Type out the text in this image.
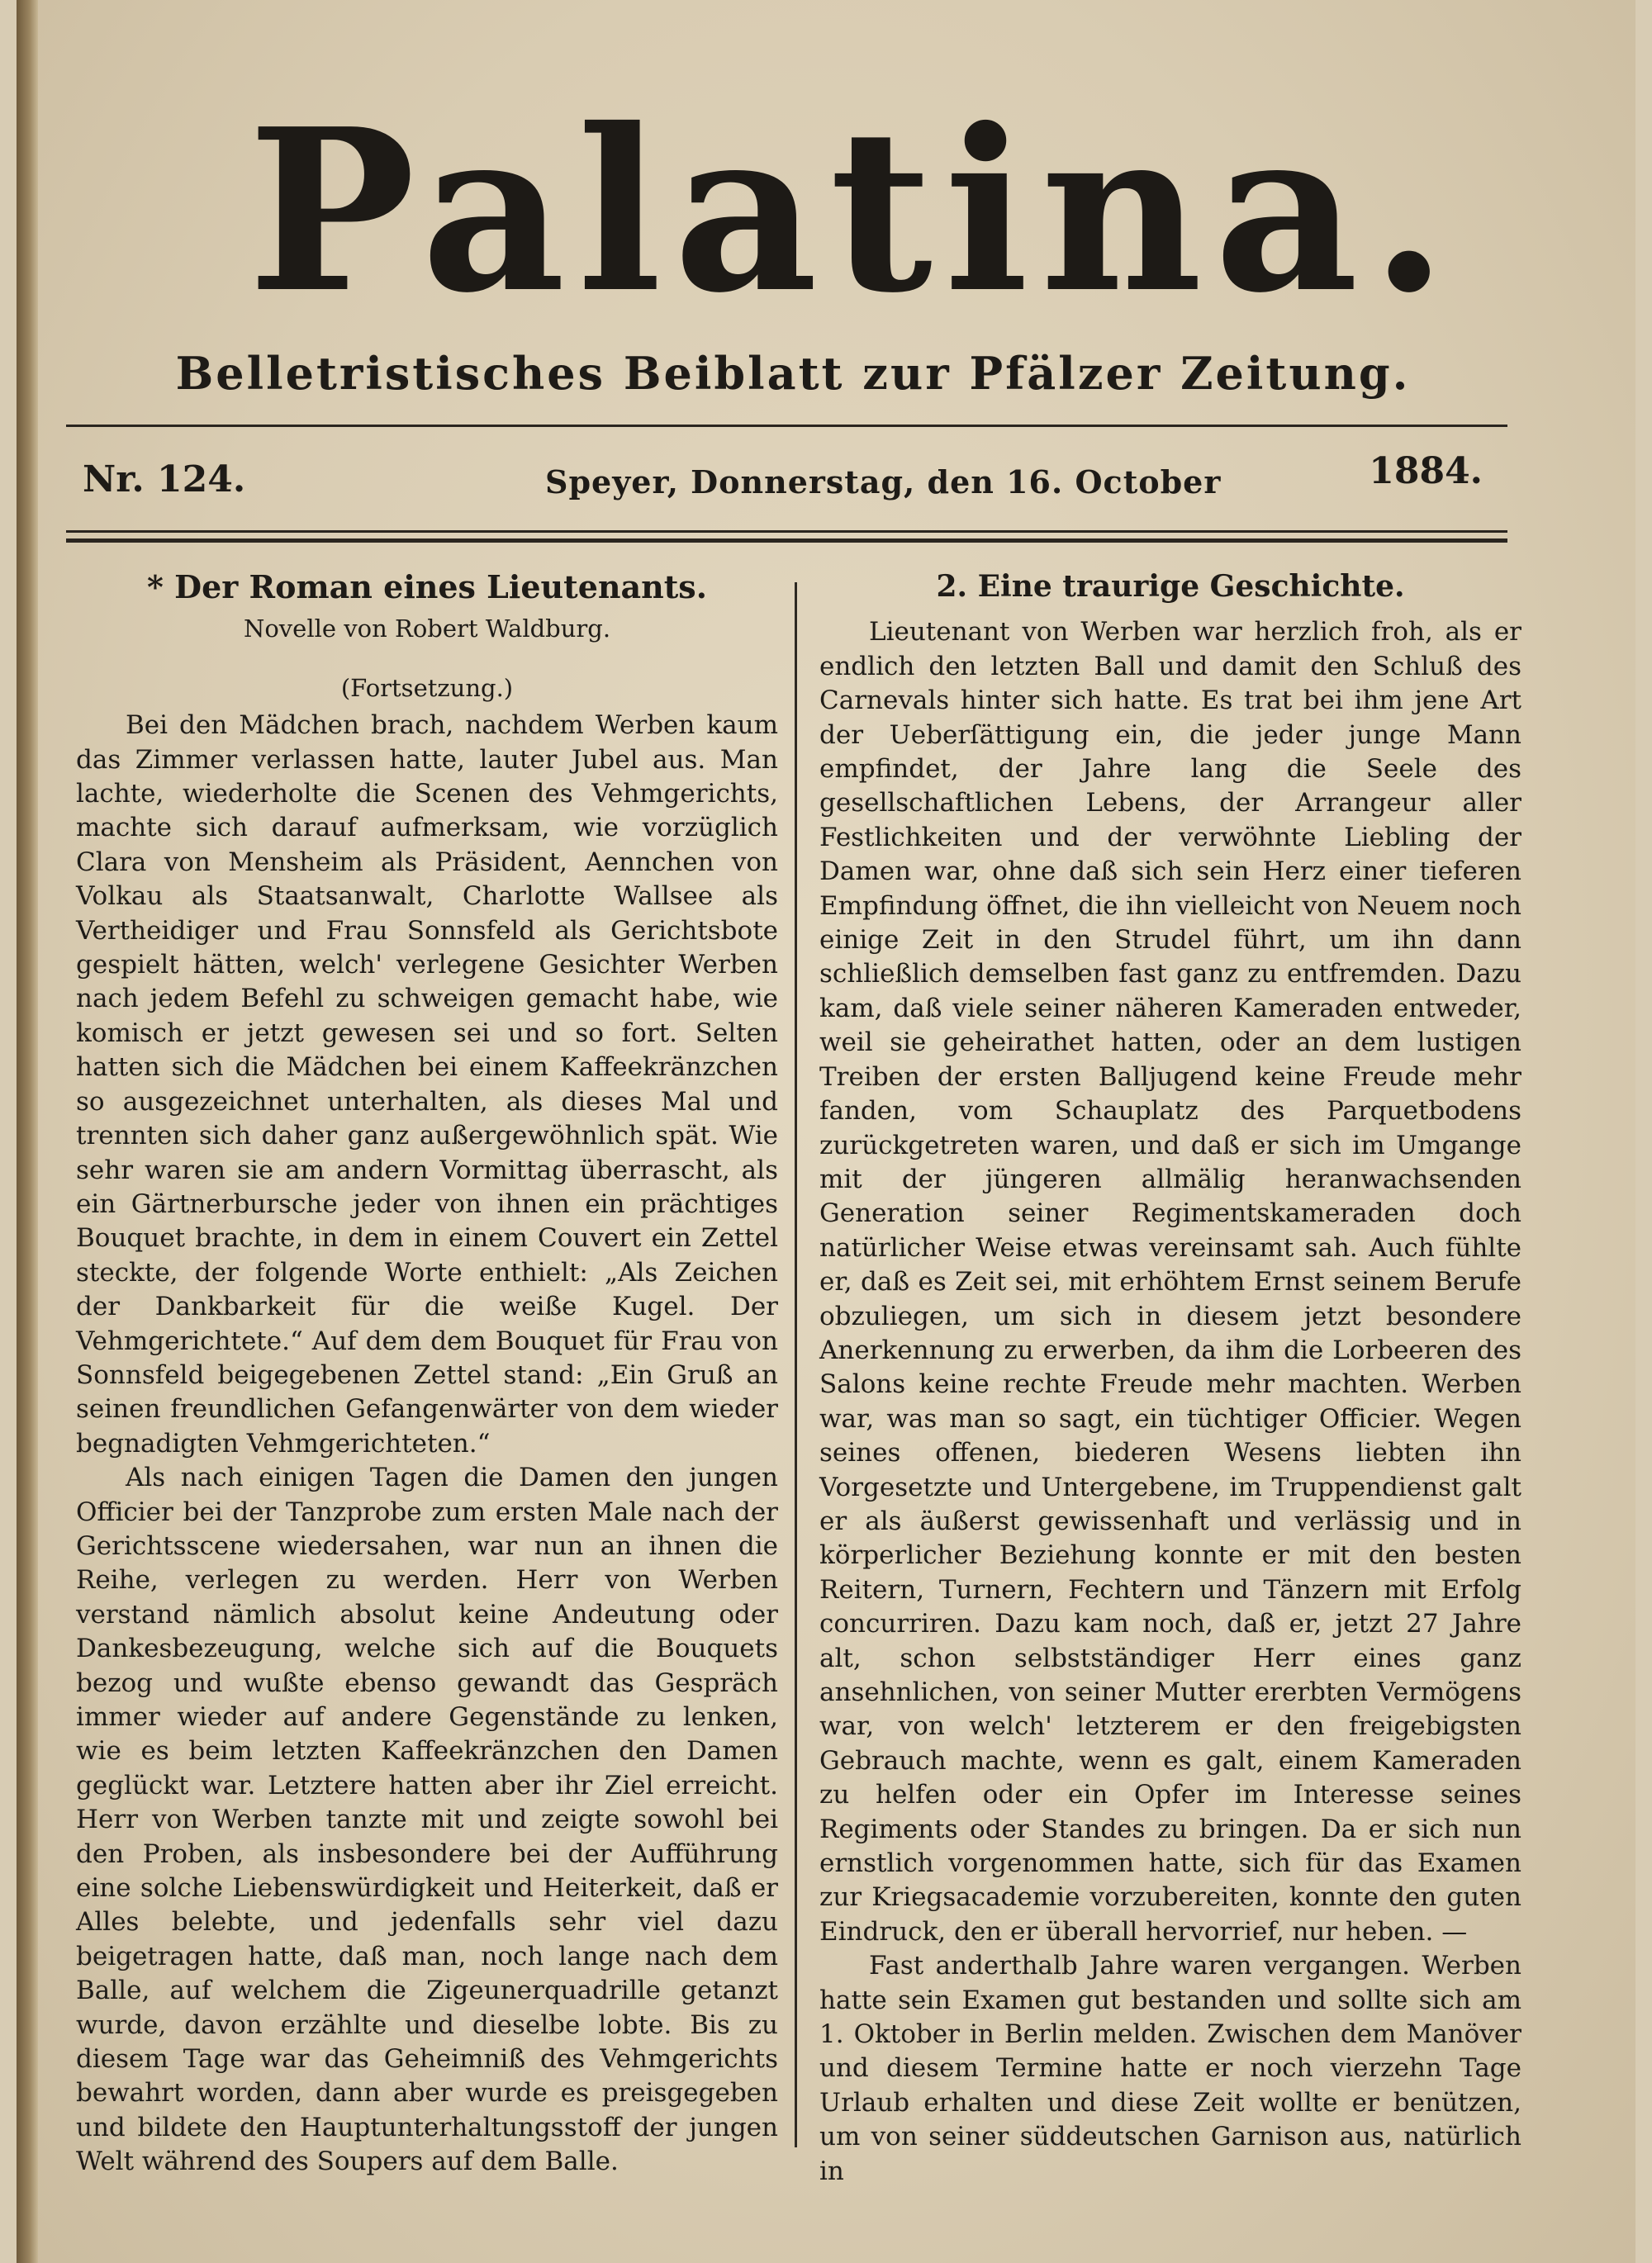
Palatina.
Belletristisches Beiblatt zur Pfälzer Zeitung.
Nr. 124.	Speyer, Donnerstag, den 16. October	1884.

* Der Roman eines Lieutenants.

Novelle von Robert Waldburg.

(Fortsetzung.)

Bei den Mädchen brach, nachdem Werben kaum das Zimmer verlassen hatte, lauter Jubel aus. Man lachte, wiederholte die Scenen des Vehmgerichts, machte sich darauf aufmerksam, wie vorzüglich Clara von Mensheim als Präsident, Aennchen von Volkau als Staatsanwalt, Charlotte Wallsee als Vertheidiger und Frau Sonnsfeld als Gerichtsbote gespielt hätten, welch' verlegene Gesichter Werben nach jedem Befehl zu schweigen gemacht habe, wie komisch er jetzt gewesen sei und so fort. Selten hatten sich die Mädchen bei einem Kaffeekränzchen so ausgezeichnet unterhalten, als dieses Mal und trennten sich daher ganz außergewöhnlich spät. Wie sehr waren sie am andern Vormittag überrascht, als ein Gärtnerbursche jeder von ihnen ein prächtiges Bouquet brachte, in dem in einem Couvert ein Zettel steckte, der folgende Worte enthielt: „Als Zeichen der Dankbarkeit für die weiße Kugel. Der Vehmgerichtete.“ Auf dem dem Bouquet für Frau von Sonnsfeld beigegebenen Zettel stand: „Ein Gruß an seinen freundlichen Gefangenwärter von dem wieder begnadigten Vehmgerichteten.“

Als nach einigen Tagen die Damen den jungen Officier bei der Tanzprobe zum ersten Male nach der Gerichtsscene wiedersahen, war nun an ihnen die Reihe, verlegen zu werden. Herr von Werben verstand nämlich absolut keine Andeutung oder Dankesbezeugung, welche sich auf die Bouquets bezog und wußte ebenso gewandt das Gespräch immer wieder auf andere Gegenstände zu lenken, wie es beim letzten Kaffeekränzchen den Damen geglückt war. Letztere hatten aber ihr Ziel erreicht. Herr von Werben tanzte mit und zeigte sowohl bei den Proben, als insbesondere bei der Aufführung eine solche Liebenswürdigkeit und Heiterkeit, daß er Alles belebte, und jedenfalls sehr viel dazu beigetragen hatte, daß man, noch lange nach dem Balle, auf welchem die Zigeunerquadrille getanzt wurde, davon erzählte und dieselbe lobte. Bis zu diesem Tage war das Geheimniß des Vehmgerichts bewahrt worden, dann aber wurde es preisgegeben und bildete den Hauptunterhaltungsstoff der jungen Welt während des Soupers auf dem Balle.

2. Eine traurige Geschichte.

Lieutenant von Werben war herzlich froh, als er endlich den letzten Ball und damit den Schluß des Carnevals hinter sich hatte. Es trat bei ihm jene Art der Ueberſättigung ein, die jeder junge Mann empfindet, der Jahre lang die Seele des gesellschaftlichen Lebens, der Arrangeur aller Festlichkeiten und der verwöhnte Liebling der Damen war, ohne daß sich sein Herz einer tieferen Empfindung öffnet, die ihn vielleicht von Neuem noch einige Zeit in den Strudel führt, um ihn dann schließlich demselben fast ganz zu entfremden. Dazu kam, daß viele seiner näheren Kameraden entweder, weil sie geheirathet hatten, oder an dem lustigen Treiben der ersten Balljugend keine Freude mehr fanden, vom Schauplatz des Parquetbodens zurückgetreten waren, und daß er sich im Umgange mit der jüngeren allmälig heranwachsenden Generation seiner Regimentskameraden doch natürlicher Weise etwas vereinsamt sah. Auch fühlte er, daß es Zeit sei, mit erhöhtem Ernst seinem Berufe obzuliegen, um sich in diesem jetzt besondere Anerkennung zu erwerben, da ihm die Lorbeeren des Salons keine rechte Freude mehr machten. Werben war, was man so sagt, ein tüchtiger Officier. Wegen seines offenen, biederen Wesens liebten ihn Vorgesetzte und Untergebene, im Truppendienst galt er als äußerst gewissenhaft und verlässig und in körperlicher Beziehung konnte er mit den besten Reitern, Turnern, Fechtern und Tänzern mit Erfolg concurriren. Dazu kam noch, daß er, jetzt 27 Jahre alt, schon selbstständiger Herr eines ganz ansehnlichen, von seiner Mutter ererbten Vermögens war, von welch' letzterem er den freigebigsten Gebrauch machte, wenn es galt, einem Kameraden zu helfen oder ein Opfer im Interesse seines Regiments oder Standes zu bringen. Da er sich nun ernstlich vorgenommen hatte, sich für das Examen zur Kriegsacademie vorzubereiten, konnte den guten Eindruck, den er überall hervorrief, nur heben. —

Fast anderthalb Jahre waren vergangen. Werben hatte sein Examen gut bestanden und sollte sich am 1. Oktober in Berlin melden. Zwischen dem Manöver und diesem Termine hatte er noch vierzehn Tage Urlaub erhalten und diese Zeit wollte er benützen, um von seiner süddeutschen Garnison aus, natürlich in
